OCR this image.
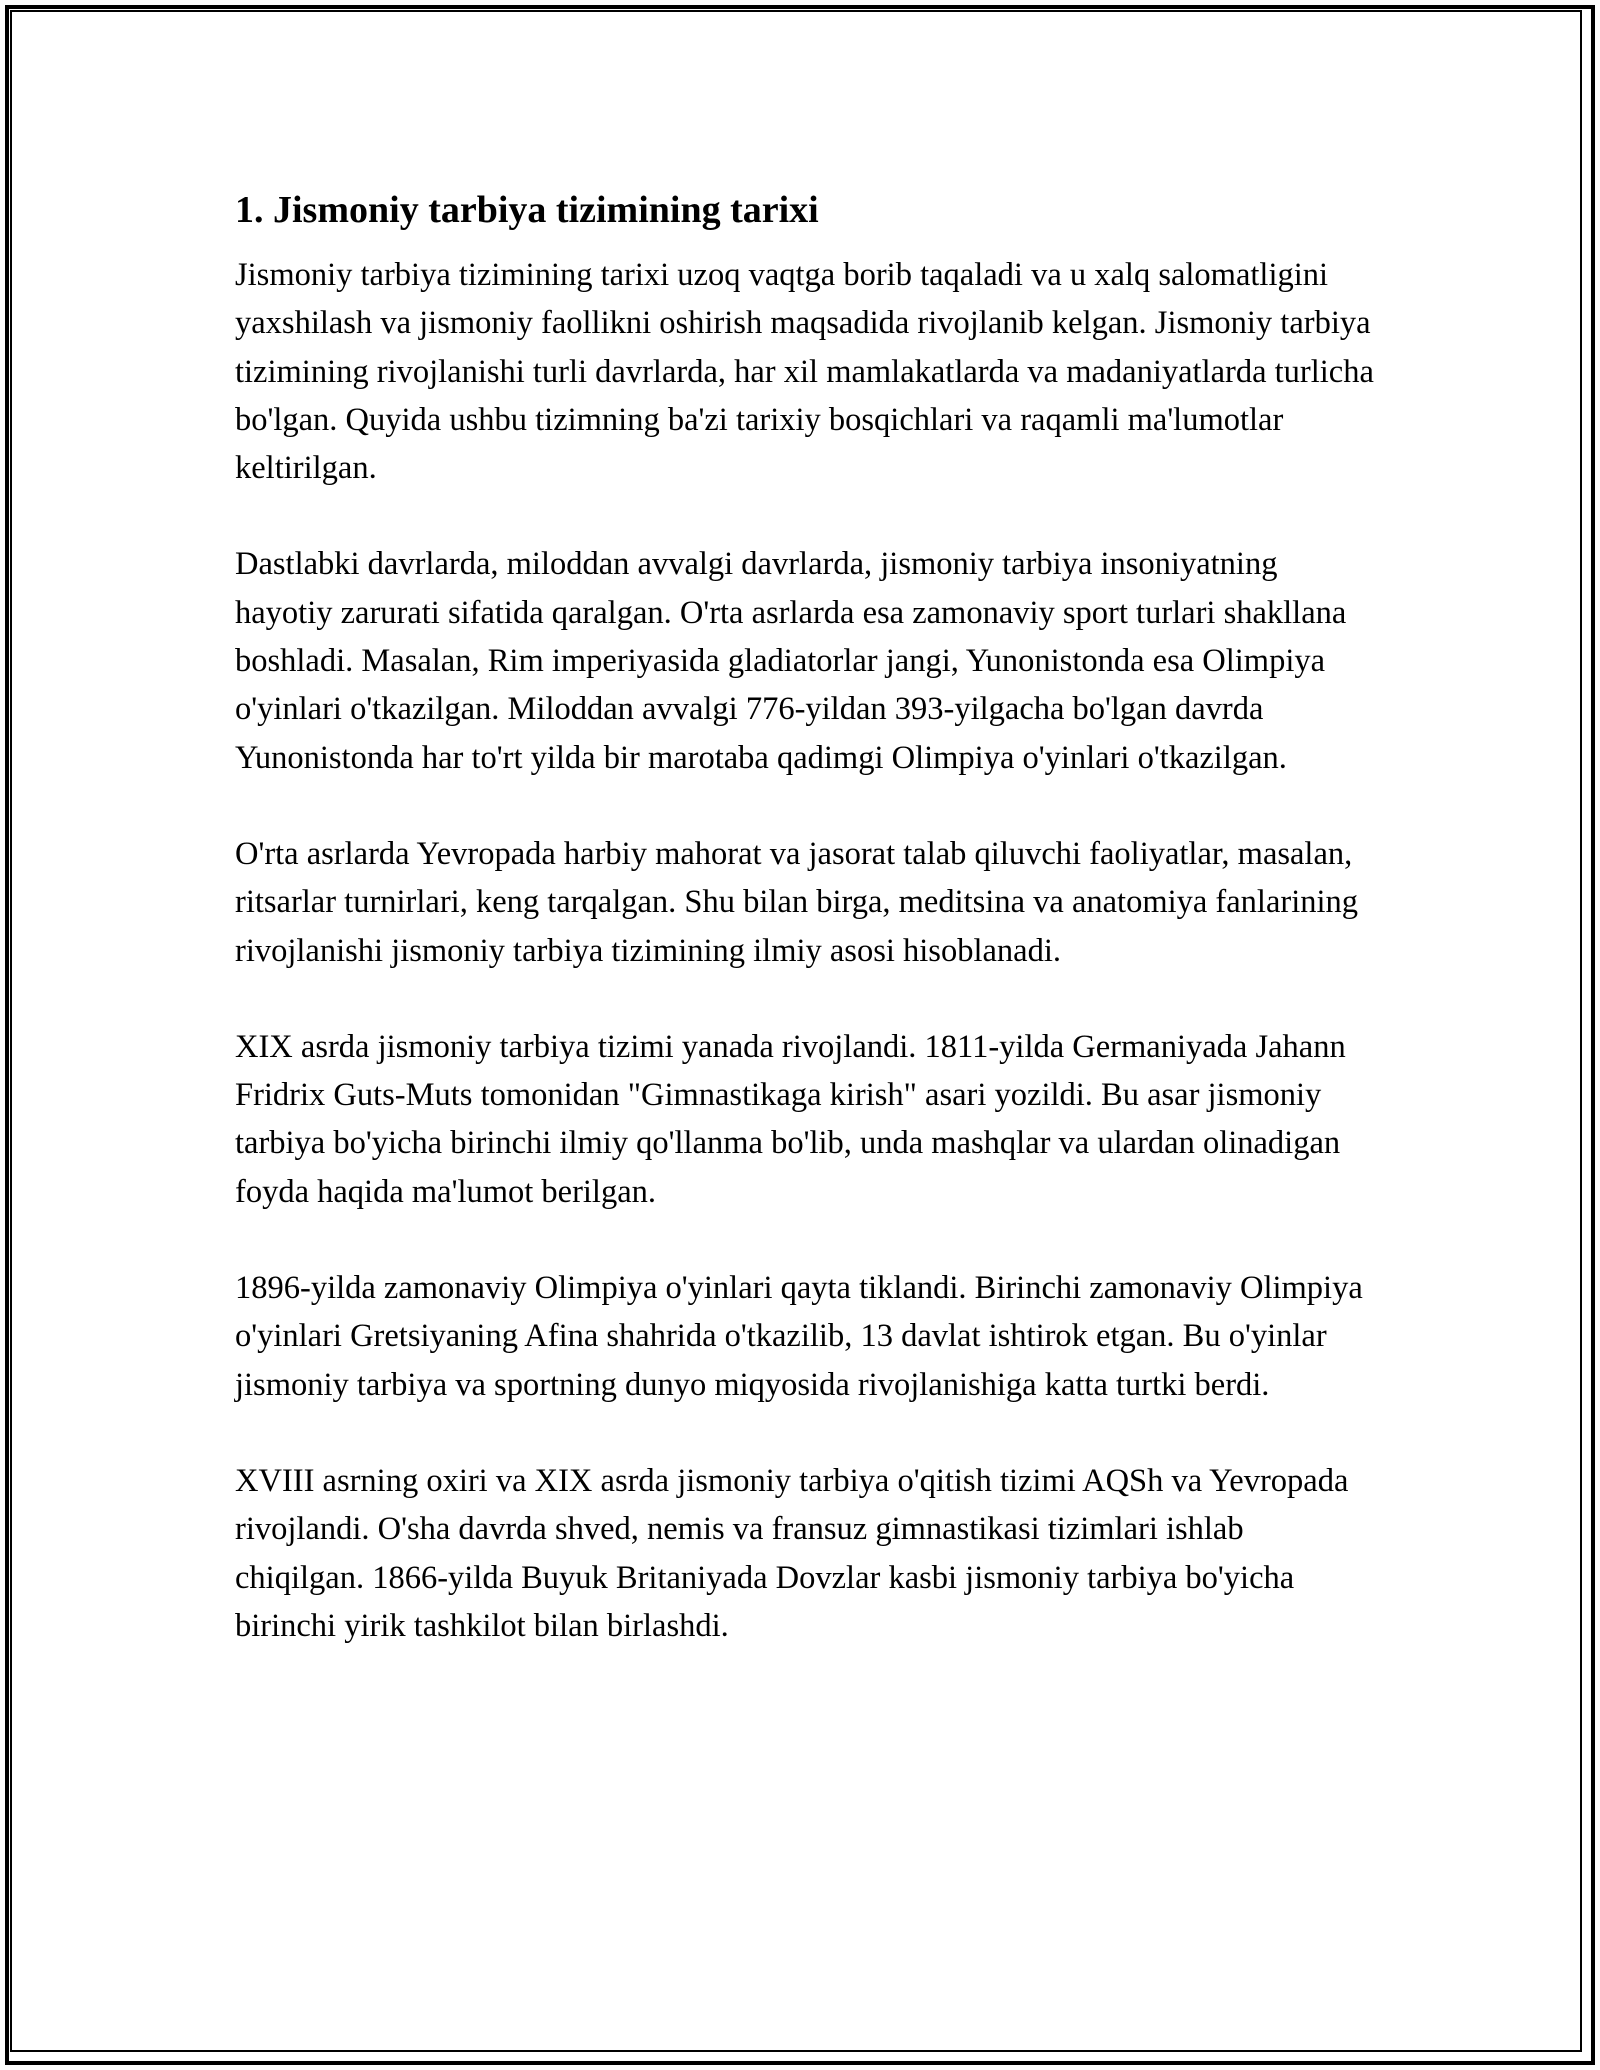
1. Jismoniy tarbiya tizimining tarixi

Jismoniy tarbiya tizimining tarixi uzoq vaqtga borib taqaladi va u xalq salomatligini yaxshilash va jismoniy faollikni oshirish maqsadida rivojlanib kelgan. Jismoniy tarbiya tizimining rivojlanishi turli davrlarda, har xil mamlakatlarda va madaniyatlarda turlicha bo'lgan. Quyida ushbu tizimning ba'zi tarixiy bosqichlari va raqamli ma'lumotlar keltirilgan.

Dastlabki davrlarda, miloddan avvalgi davrlarda, jismoniy tarbiya insoniyatning hayotiy zarurati sifatida qaralgan. O'rta asrlarda esa zamonaviy sport turlari shakllana boshladi. Masalan, Rim imperiyasida gladiatorlar jangi, Yunonistonda esa Olimpiya o'yinlari o'tkazilgan. Miloddan avvalgi 776-yildan 393-yilgacha bo'lgan davrda Yunonistonda har to'rt yilda bir marotaba qadimgi Olimpiya o'yinlari o'tkazilgan.

O'rta asrlarda Yevropada harbiy mahorat va jasorat talab qiluvchi faoliyatlar, masalan, ritsarlar turnirlari, keng tarqalgan. Shu bilan birga, meditsina va anatomiya fanlarining rivojlanishi jismoniy tarbiya tizimining ilmiy asosi hisoblanadi.

XIX asrda jismoniy tarbiya tizimi yanada rivojlandi. 1811-yilda Germaniyada Jahann Fridrix Guts-Muts tomonidan "Gimnastikaga kirish" asari yozildi. Bu asar jismoniy tarbiya bo'yicha birinchi ilmiy qo'llanma bo'lib, unda mashqlar va ulardan olinadigan foyda haqida ma'lumot berilgan.

1896-yilda zamonaviy Olimpiya o'yinlari qayta tiklandi. Birinchi zamonaviy Olimpiya o'yinlari Gretsiyaning Afina shahrida o'tkazilib, 13 davlat ishtirok etgan. Bu o'yinlar jismoniy tarbiya va sportning dunyo miqyosida rivojlanishiga katta turtki berdi.

XVIII asrning oxiri va XIX asrda jismoniy tarbiya o'qitish tizimi AQSh va Yevropada rivojlandi. O'sha davrda shved, nemis va fransuz gimnastikasi tizimlari ishlab chiqilgan. 1866-yilda Buyuk Britaniyada Dovzlar kasbi jismoniy tarbiya bo'yicha birinchi yirik tashkilot bilan birlashdi.
